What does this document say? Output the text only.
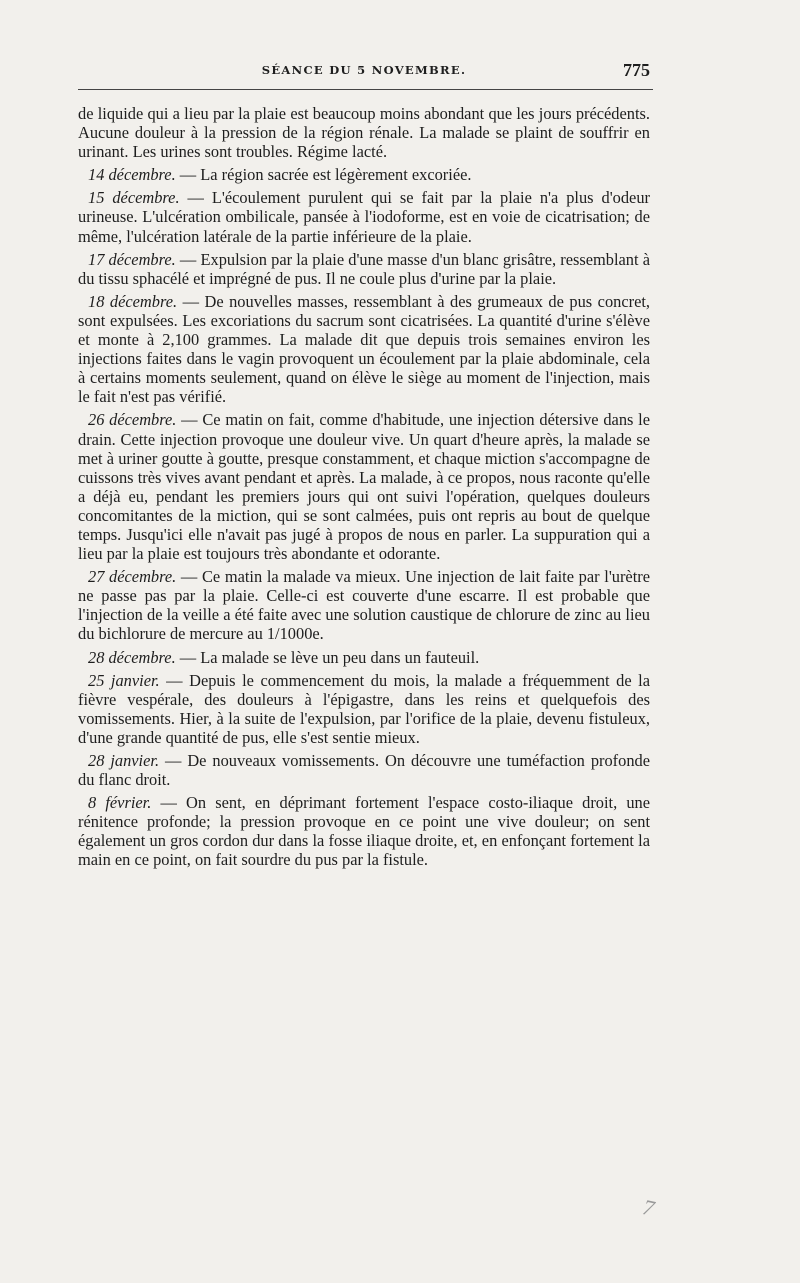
SÉANCE DU 5 NOVEMBRE.	775

de liquide qui a lieu par la plaie est beaucoup moins abondant que les jours précédents. Aucune douleur à la pression de la région rénale. La malade se plaint de souffrir en urinant. Les urines sont troubles. Régime lacté.

14 décembre. — La région sacrée est légèrement excoriée.

15 décembre. — L'écoulement purulent qui se fait par la plaie n'a plus d'odeur urineuse. L'ulcération ombilicale, pansée à l'iodoforme, est en voie de cicatrisation; de même, l'ulcération latérale de la partie inférieure de la plaie.

17 décembre. — Expulsion par la plaie d'une masse d'un blanc grisâtre, ressemblant à du tissu sphacélé et imprégné de pus. Il ne coule plus d'urine par la plaie.

18 décembre. — De nouvelles masses, ressemblant à des grumeaux de pus concret, sont expulsées. Les excoriations du sacrum sont cicatrisées. La quantité d'urine s'élève et monte à 2,100 grammes. La malade dit que depuis trois semaines environ les injections faites dans le vagin provoquent un écoulement par la plaie abdominale, cela à certains moments seulement, quand on élève le siège au moment de l'injection, mais le fait n'est pas vérifié.

26 décembre. — Ce matin on fait, comme d'habitude, une injection détersive dans le drain. Cette injection provoque une douleur vive. Un quart d'heure après, la malade se met à uriner goutte à goutte, presque constamment, et chaque miction s'accompagne de cuissons très vives avant pendant et après. La malade, à ce propos, nous raconte qu'elle a déjà eu, pendant les premiers jours qui ont suivi l'opération, quelques douleurs concomitantes de la miction, qui se sont calmées, puis ont repris au bout de quelque temps. Jusqu'ici elle n'avait pas jugé à propos de nous en parler. La suppuration qui a lieu par la plaie est toujours très abondante et odorante.

27 décembre. — Ce matin la malade va mieux. Une injection de lait faite par l'urètre ne passe pas par la plaie. Celle-ci est couverte d'une escarre. Il est probable que l'injection de la veille a été faite avec une solution caustique de chlorure de zinc au lieu du bichlorure de mercure au 1/1000e.

28 décembre. — La malade se lève un peu dans un fauteuil.

25 janvier. — Depuis le commencement du mois, la malade a fréquemment de la fièvre vespérale, des douleurs à l'épigastre, dans les reins et quelquefois des vomissements. Hier, à la suite de l'expulsion, par l'orifice de la plaie, devenu fistuleux, d'une grande quantité de pus, elle s'est sentie mieux.

28 janvier. — De nouveaux vomissements. On découvre une tuméfaction profonde du flanc droit.

8 février. — On sent, en déprimant fortement l'espace costo-iliaque droit, une rénitence profonde; la pression provoque en ce point une vive douleur; on sent également un gros cordon dur dans la fosse iliaque droite, et, en enfonçant fortement la main en ce point, on fait sourdre du pus par la fistule.

7
